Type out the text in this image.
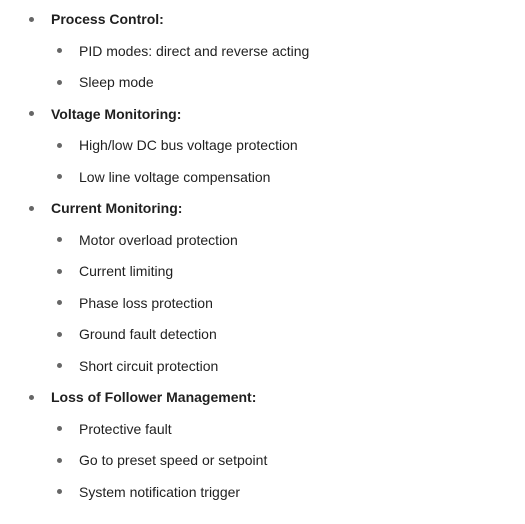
Process Control:
PID modes: direct and reverse acting
Sleep mode
Voltage Monitoring:
High/low DC bus voltage protection
Low line voltage compensation
Current Monitoring:
Motor overload protection
Current limiting
Phase loss protection
Ground fault detection
Short circuit protection
Loss of Follower Management:
Protective fault
Go to preset speed or setpoint
System notification trigger
